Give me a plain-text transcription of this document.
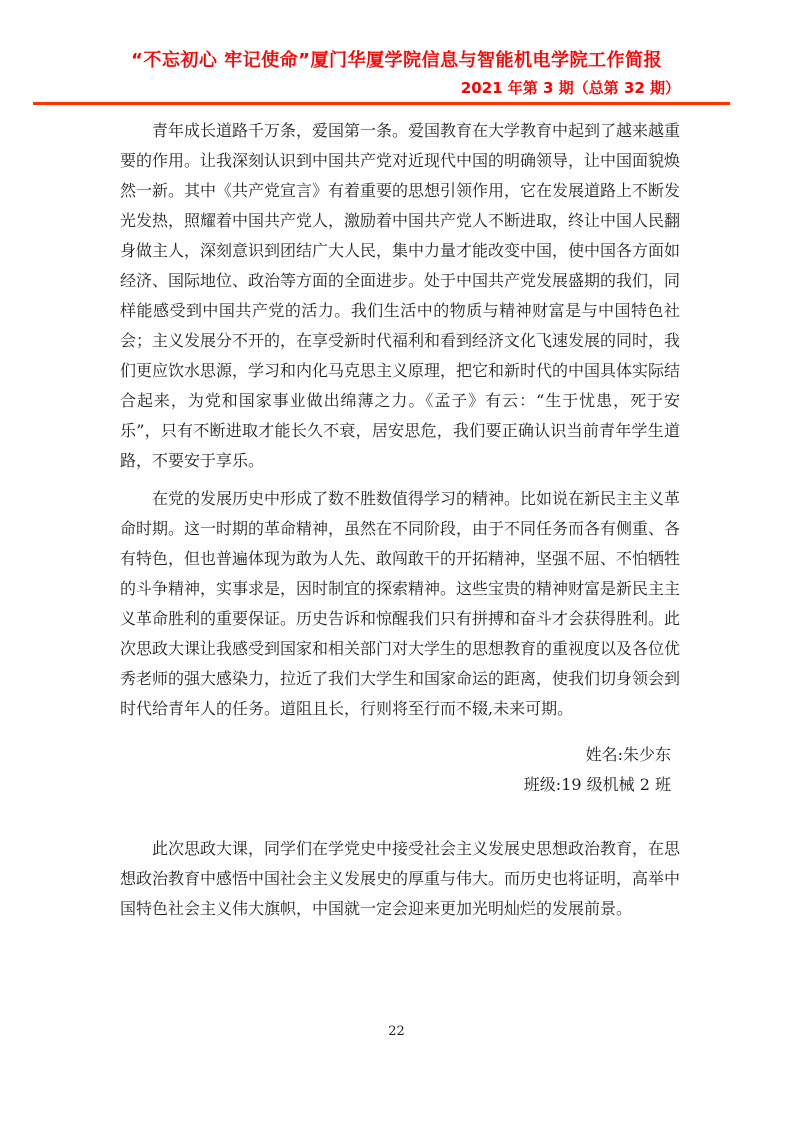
“不忘初心 牢记使命”厦门华厦学院信息与智能机电学院工作简报
2021 年第 3 期（总第 32 期）

青年成长道路千万条，爱国第一条。爱国教育在大学教育中起到了越来越重要的作用。让我深刻认识到中国共产党对近现代中国的明确领导，让中国面貌焕然一新。其中《共产党宣言》有着重要的思想引领作用，它在发展道路上不断发光发热，照耀着中国共产党人，激励着中国共产党人不断进取，终让中国人民翻身做主人，深刻意识到团结广大人民，集中力量才能改变中国，使中国各方面如经济、国际地位、政治等方面的全面进步。处于中国共产党发展盛期的我们，同样能感受到中国共产党的活力。我们生活中的物质与精神财富是与中国特色社会；主义发展分不开的，在享受新时代福利和看到经济文化飞速发展的同时，我们更应饮水思源，学习和内化马克思主义原理，把它和新时代的中国具体实际结合起来，为党和国家事业做出绵薄之力。《孟子》有云：“生于忧患，死于安乐”，只有不断进取才能长久不衰，居安思危，我们要正确认识当前青年学生道路，不要安于享乐。

在党的发展历史中形成了数不胜数值得学习的精神。比如说在新民主主义革命时期。这一时期的革命精神，虽然在不同阶段，由于不同任务而各有侧重、各有特色，但也普遍体现为敢为人先、敢闯敢干的开拓精神，坚强不屈、不怕牺牲的斗争精神，实事求是，因时制宜的探索精神。这些宝贵的精神财富是新民主主义革命胜利的重要保证。历史告诉和惊醒我们只有拼搏和奋斗才会获得胜利。此次思政大课让我感受到国家和相关部门对大学生的思想教育的重视度以及各位优秀老师的强大感染力，拉近了我们大学生和国家命运的距离，使我们切身领会到时代给青年人的任务。道阻且长，行则将至行而不辍,未来可期。

姓名:朱少东

班级:19 级机械 2 班

此次思政大课，同学们在学党史中接受社会主义发展史思想政治教育，在思想政治教育中感悟中国社会主义发展史的厚重与伟大。而历史也将证明，高举中国特色社会主义伟大旗帜，中国就一定会迎来更加光明灿烂的发展前景。

22
